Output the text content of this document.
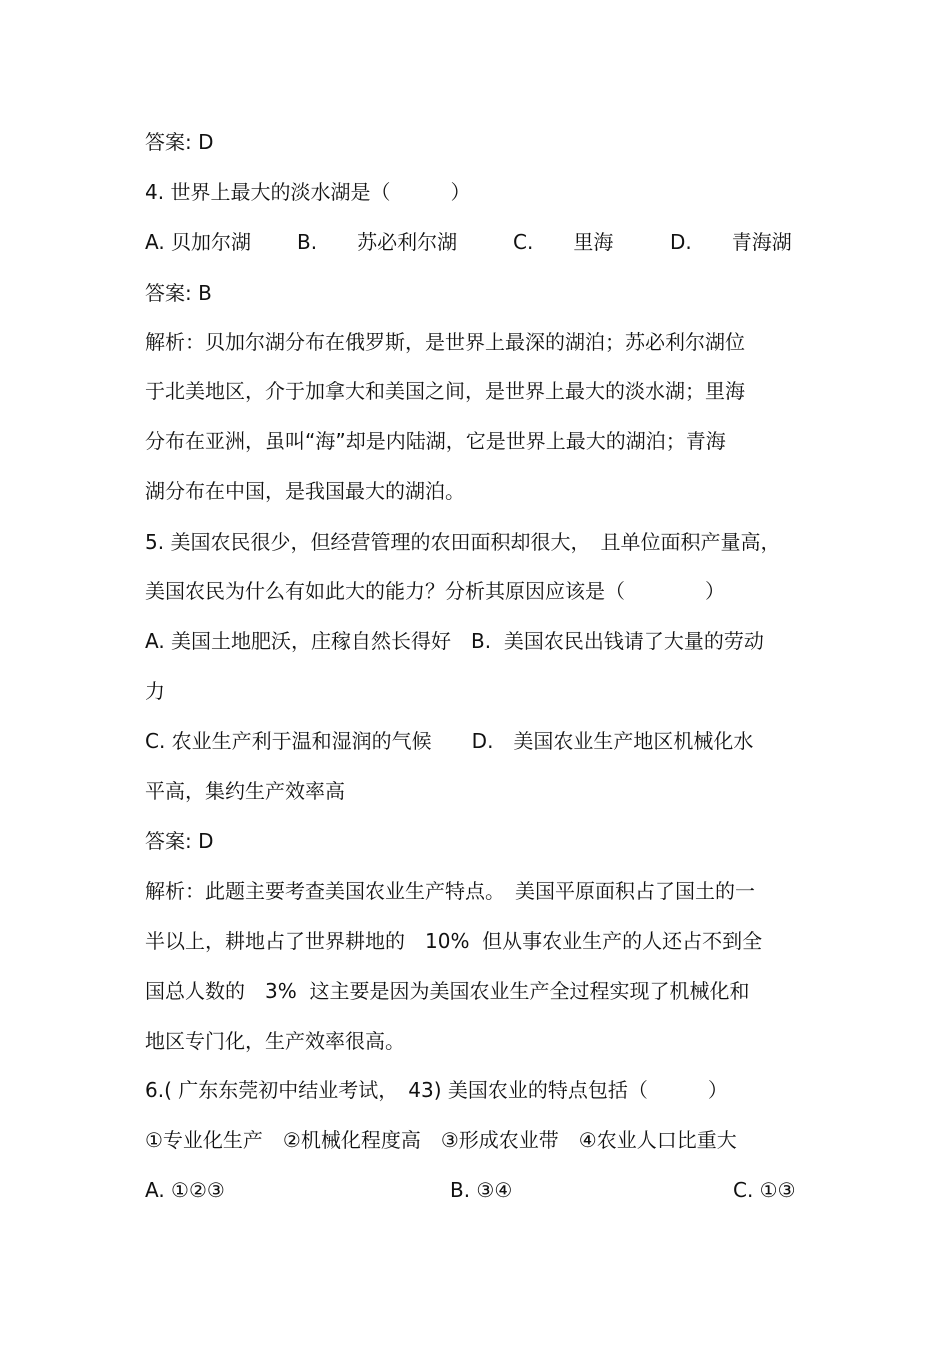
答案: D
4. 世界上最大的淡水湖是（　　　）
A. 贝加尔湖 B.　　苏必利尔湖	C.　　里海	D.　　青海湖
答案: B
解析：贝加尔湖分布在俄罗斯，是世界上最深的湖泊；苏必利尔湖位
于北美地区，介于加拿大和美国之间，是世界上最大的淡水湖；里海
分布在亚洲，虽叫“海”却是内陆湖，它是世界上最大的湖泊；青海
湖分布在中国，是我国最大的湖泊。
5. 美国农民很少，但经营管理的农田面积却很大，　且单位面积产量高，
美国农民为什么有如此大的能力？分析其原因应该是（　　　　）
A. 美国土地肥沃，庄稼自然长得好　B.  美国农民出钱请了大量的劳动
力
C. 农业生产利于温和湿润的气候　　D.　美国农业生产地区机械化水
平高，集约生产效率高
答案: D
解析：此题主要考查美国农业生产特点。　美国平原面积占了国土的一
半以上，耕地占了世界耕地的　10%  但从事农业生产的人还占不到全
国总人数的　3%  这主要是因为美国农业生产全过程实现了机械化和
地区专门化，生产效率很高。
6.( 广东东莞初中结业考试，　43) 美国农业的特点包括（　　　）
①专业化生产　②机械化程度高　③形成农业带　④农业人口比重大
A. ①②③	B. ③④	C. ①③
